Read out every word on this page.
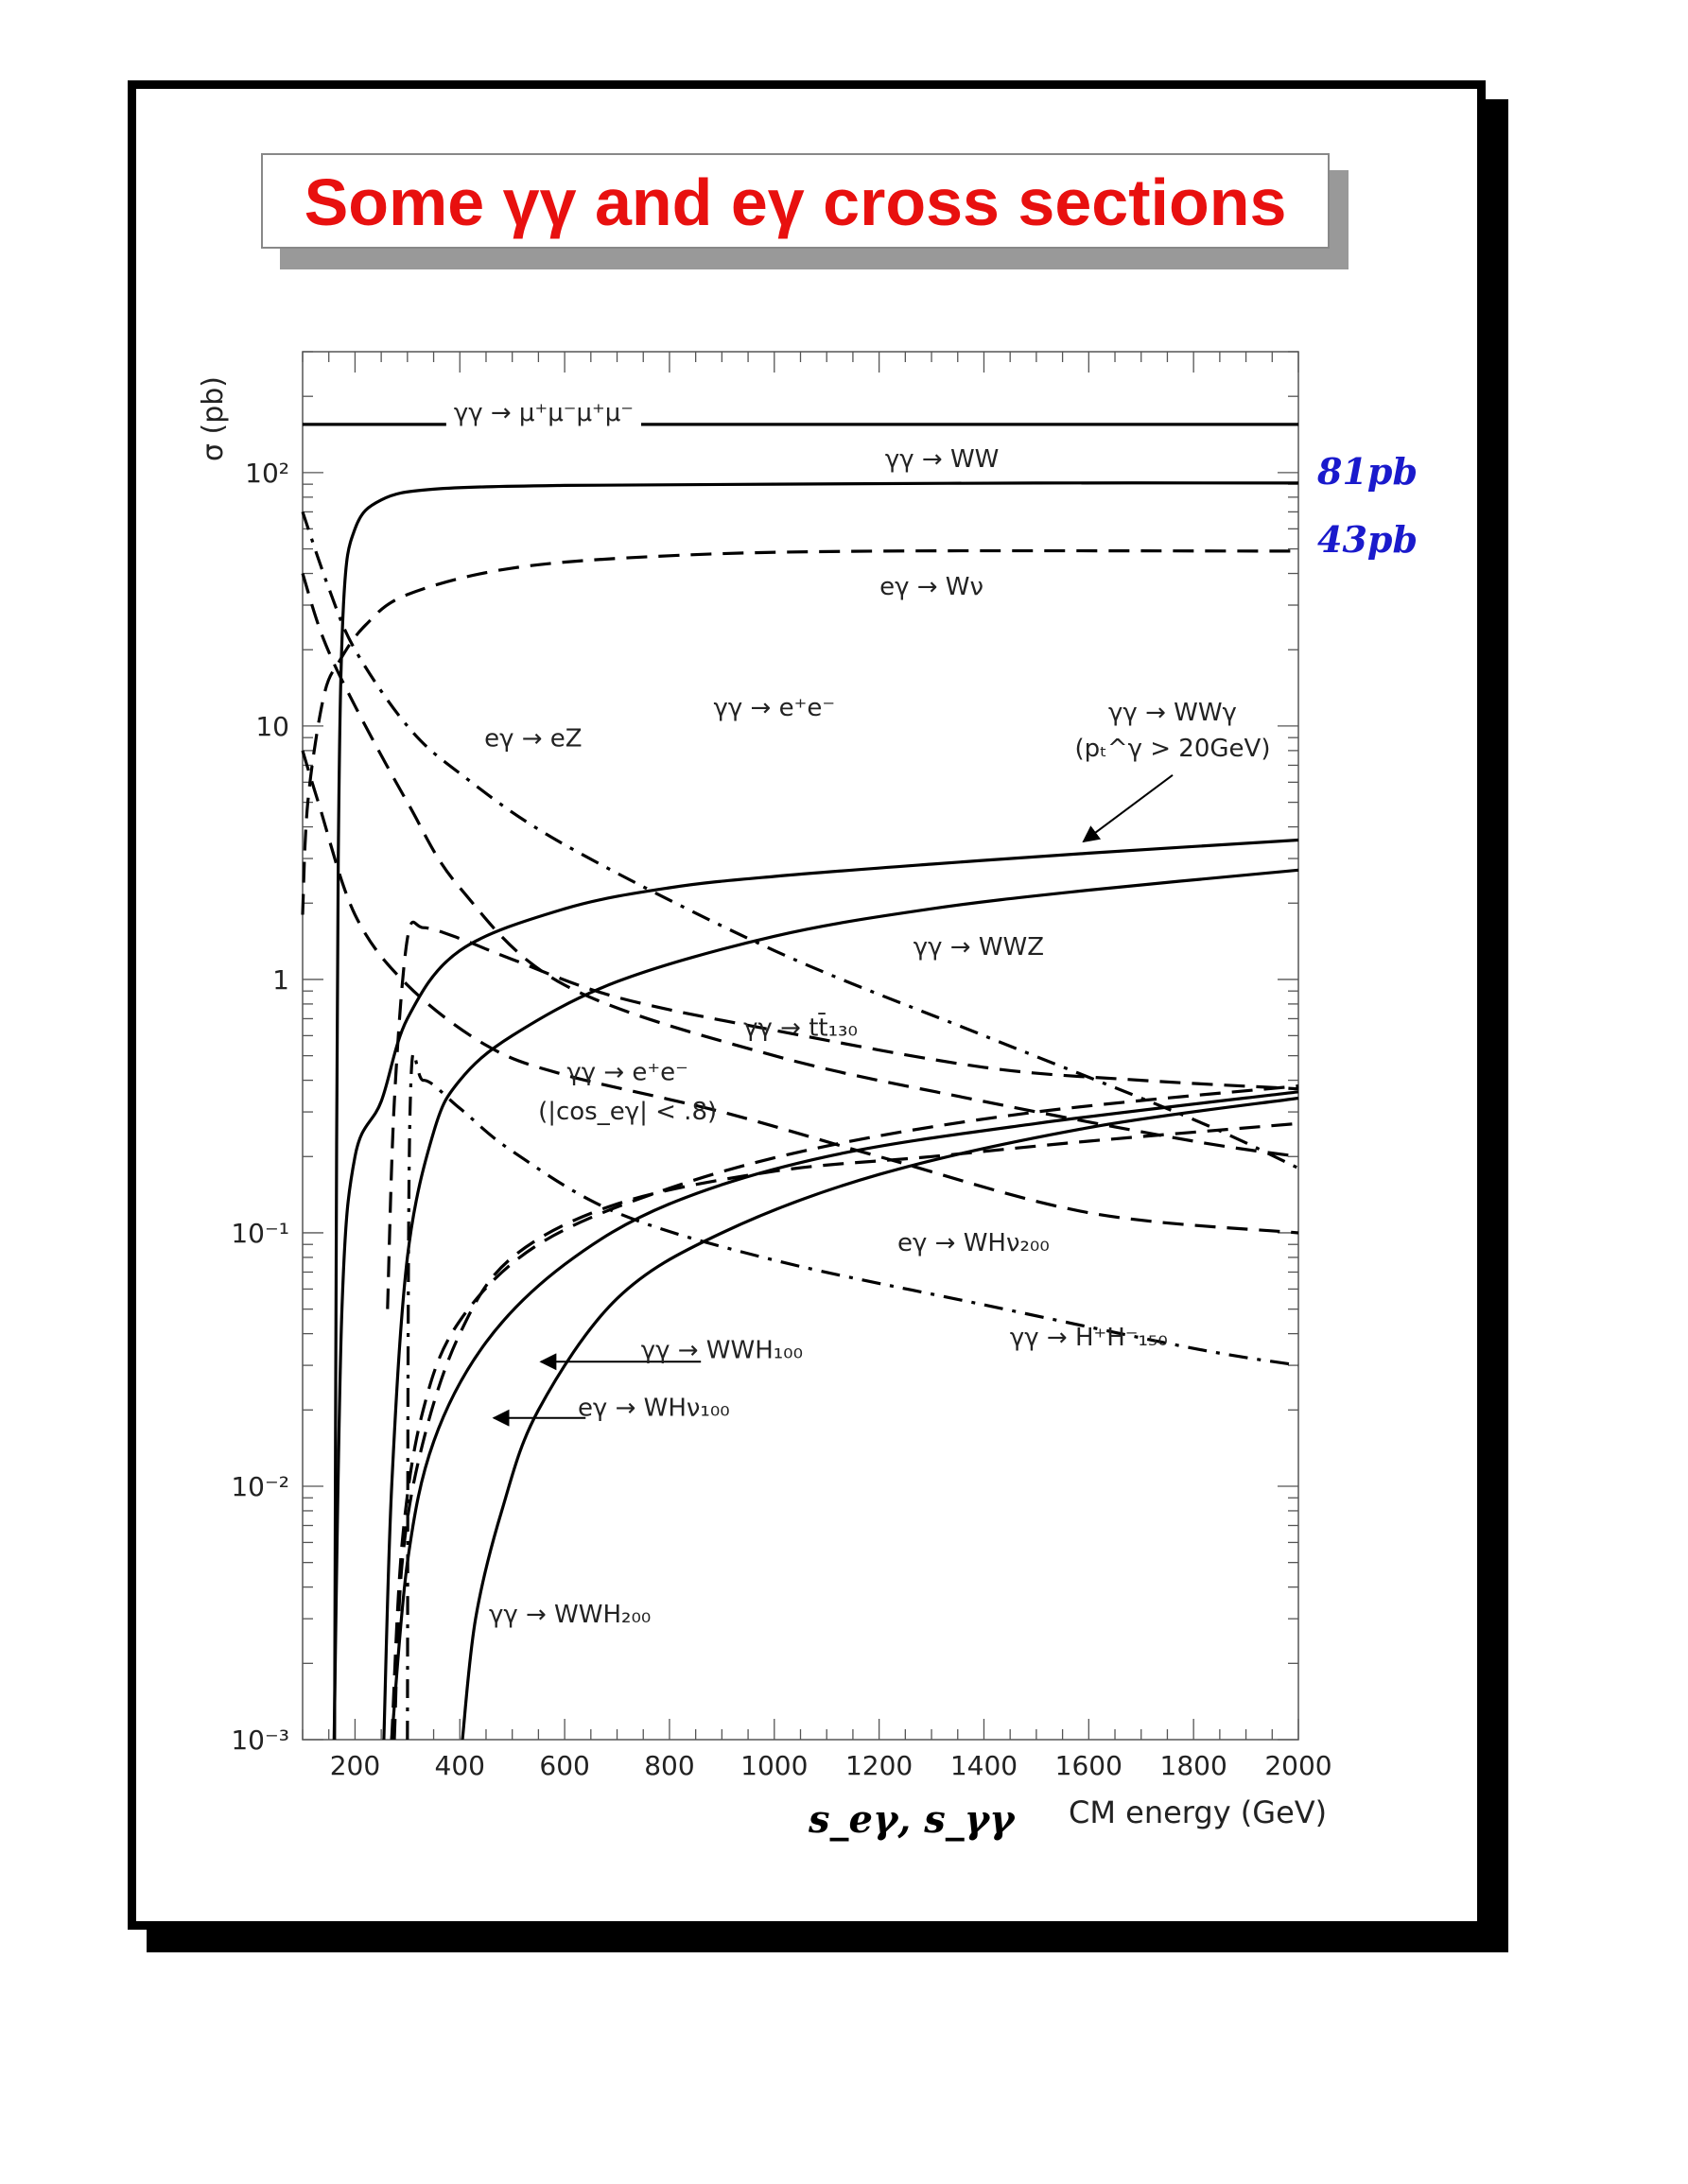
Some γγ and eγ cross sections
200 400 600 800 1000 1200 1400 1600 1800 2000
10²
10
1
10⁻¹
10⁻²
10⁻³
γγ → μ⁺μ⁻μ⁺μ⁻
γγ → WW
eγ → Wν
γγ → e⁺e⁻	γγ → WWγ
(pₜ^γ > 20GeV)
eγ → eZ
γγ → WWZ
γγ → tt̄₁₃₀
γγ → e⁺e⁻
(|cos_eγ| < .8)
eγ → WHν₂₀₀
γγ → H⁺H⁻₁₅₀
γγ → WWH₁₀₀
eγ → WHν₁₀₀
γγ → WWH₂₀₀
81pb
43pb
s_eγ, s_γγ CM energy (GeV)
σ (pb)
